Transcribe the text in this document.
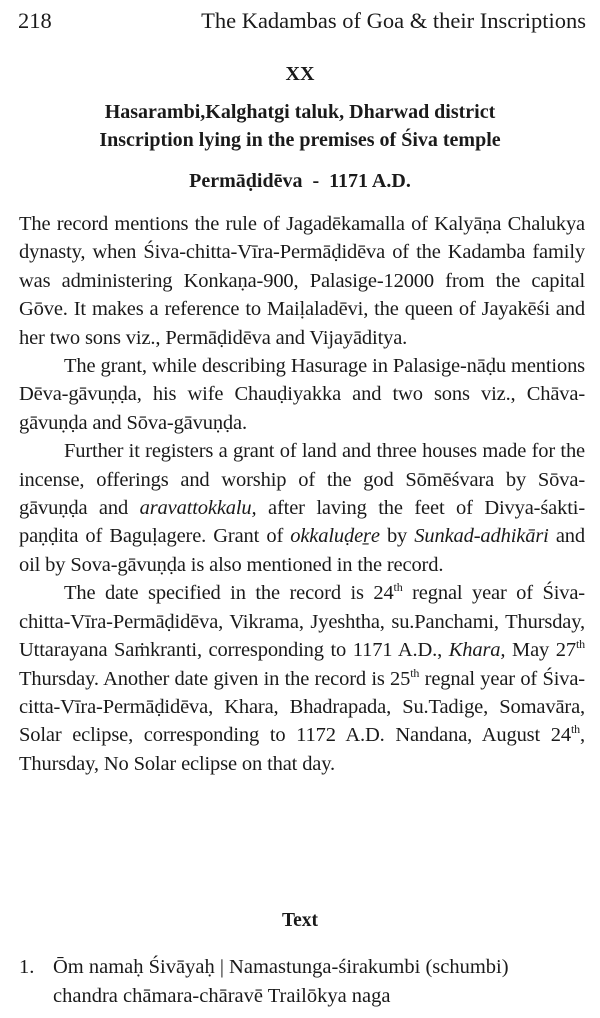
218	The Kadambas of Goa & their Inscriptions
XX
Hasarambi,Kalghatgi taluk, Dharwad district
Inscription lying in the premises of Śiva temple
Permāḍidēva  -  1171 A.D.

The record mentions the rule of Jagadēkamalla of Kalyāṇa Chalukya dynasty, when Śiva-chitta-Vīra-Permāḍidēva of the Kadamba family was administering Konkaṇa-900, Palasige-12000 from the capital Gōve. It makes a reference to Maiḷaladēvi, the queen of Jayakēśi and her two sons viz., Permāḍidēva and Vijayāditya.

The grant, while describing Hasurage in Palasige-nāḍu mentions Dēva-gāvuṇḍa, his wife Chauḍiyakka and two sons viz., Chāva-gāvuṇḍa and Sōva-gāvuṇḍa.

Further it registers a grant of land and three houses made for the incense, offerings and worship of the god Sōmēśvara by Sōva-gāvuṇḍa and aravattokkalu, after laving the feet of Divya-śakti-paṇḍita of Baguḷagere. Grant of okkaluḍeṟe by Sunkad-adhikāri and oil by Sova-gāvuṇḍa is also mentioned in the record.

The date specified in the record is 24th regnal year of Śiva-chitta-Vīra-Permāḍidēva, Vikrama, Jyeshtha, su.Panchami, Thursday, Uttarayana Saṁkranti, corresponding to 1171 A.D., Khara, May 27th Thursday. Another date given in the record is 25th regnal year of Śiva-citta-Vīra-Permāḍidēva, Khara, Bhadrapada, Su.Tadige, Somavāra, Solar eclipse, corresponding to 1172 A.D. Nandana, August 24th, Thursday, No Solar eclipse on that day.

Text
1. Ōm namaḥ Śivāyaḥ | Namastunga-śirakumbi (schumbi)
chandra chāmara-chāravē Trailōkya naga
